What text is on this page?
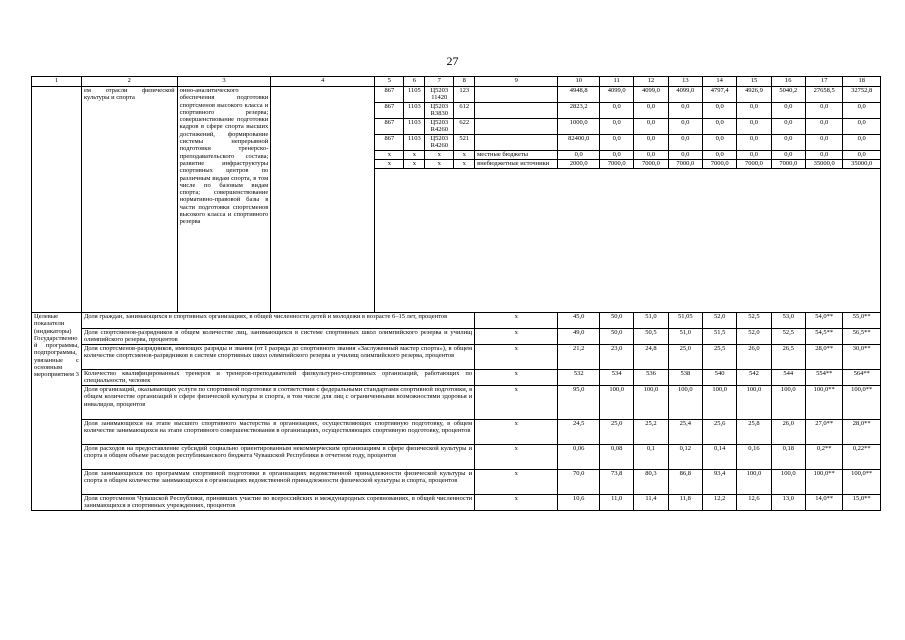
27
1	2	3	4	5	6	7	8	9	10	11	12	13	14	15	16	17	18
	ем отрасли физической культуры и спорта	онно-аналитического обеспечения подготовки спортсменов высокого класса и спортивного резерва; совершенствование подготовки кадров в сфере спорта высших достижений, формирование системы непрерывной подготовки тренерско-преподавательского состава; развитие инфраструктуры спортивных центров по различным видам спорта, в том числе по базовым видам спорта; совершенствование нормативно-правовой базы в части подготовки спортсменов высокого класса и спортивного резерва		867	1105	Ц5203 11420	123		4948,8	4099,0	4099,0	4099,0	4797,4	4926,9	5040,2	27658,5	32752,8
				867	1103	Ц5203 R3830	612		2823,2	0,0	0,0	0,0	0,0	0,0	0,0	0,0	0,0
				867	1103	Ц5203 R4260	622		1000,0	0,0	0,0	0,0	0,0	0,0	0,0	0,0	0,0
				867	1103	Ц5203 R4260	521		82400,0	0,0	0,0	0,0	0,0	0,0	0,0	0,0	0,0
				x	x	x	x	местные бюджеты	0,0	0,0	0,0	0,0	0,0	0,0	0,0	0,0	0,0
				x	x	x	x	внебюджетные источники	2000,0	7000,0	7000,0	7000,0	7000,0	7000,0	7000,0	35000,0	35000,0

Целевые показатели (индикаторы) Государственной программы, подпрограммы, увязанные с основным мероприятием 3	Доля граждан, занимающихся в спортивных организациях, в общей численности детей и молодежи в возрасте 6–15 лет, процентов							x	45,0	50,0	51,0	51,05	52,0	52,5	53,0	54,0**	55,0**
	Доля спортсменов-разрядников в общем количестве лиц, занимающихся в системе спортивных школ олимпийского резерва и училищ олимпийского резерва, процентов							x	49,0	50,0	50,5	51,0	51,5	52,0	52,5	54,5**	56,5**
	Доля спортсменов-разрядников, имеющих разряды и звания (от I разряда до спортивного звания «Заслуженный мастер спорта»), в общем количестве спортсменов-разрядников в системе спортивных школ олимпийского резерва и училищ олимпийского резерва, процентов							x	21,2	23,0	24,8	25,0	25,5	26,0	26,5	28,0**	30,0**
	Количество квалифицированных тренеров и тренеров-преподавателей физкультурно-спортивных организаций, работающих по специальности, человек							x	532	534	536	538	540	542	544	554**	564**
	Доля организаций, оказывающих услуги по спортивной подготовке в соответствии с федеральными стандартами спортивной подготовки, в общем количестве организаций в сфере физической культуры и спорта, в том числе для лиц с ограниченными возможностями здоровья и инвалидов, процентов							x	95,0	100,0	100,0	100,0	100,0	100,0	100,0	100,0**	100,0**
	Доля занимающихся на этапе высшего спортивного мастерства в организациях, осуществляющих спортивную подготовку, в общем количестве занимающихся на этапе спортивного совершенствования в организациях, осуществляющих спортивную подготовку, процентов							x	24,5	25,0	25,2	25,4	25,6	25,8	26,0	27,0**	28,0**
	Доля расходов на предоставление субсидий социально ориентированным некоммерческим организациям в сфере физической культуры и спорта в общем объеме расходов республиканского бюджета Чувашской Республики в отчетном году, процентов							x	0,06	0,08	0,1	0,12	0,14	0,16	0,18	0,2**	0,22**
	Доля занимающихся по программам спортивной подготовки в организациях ведомственной принадлежности физической культуры и спорта в общем количестве занимающихся в организациях ведомственной принадлежности физической культуры и спорта, процентов							x	70,0	73,8	80,3	86,8	93,4	100,0	100,0	100,0**	100,0**
	Доля спортсменов Чувашской Республики, принявших участие во всероссийских и международных соревнованиях, в общей численности занимающихся в спортивных учреждениях, процентов							x	10,6	11,0	11,4	11,8	12,2	12,6	13,0	14,0**	15,0**
